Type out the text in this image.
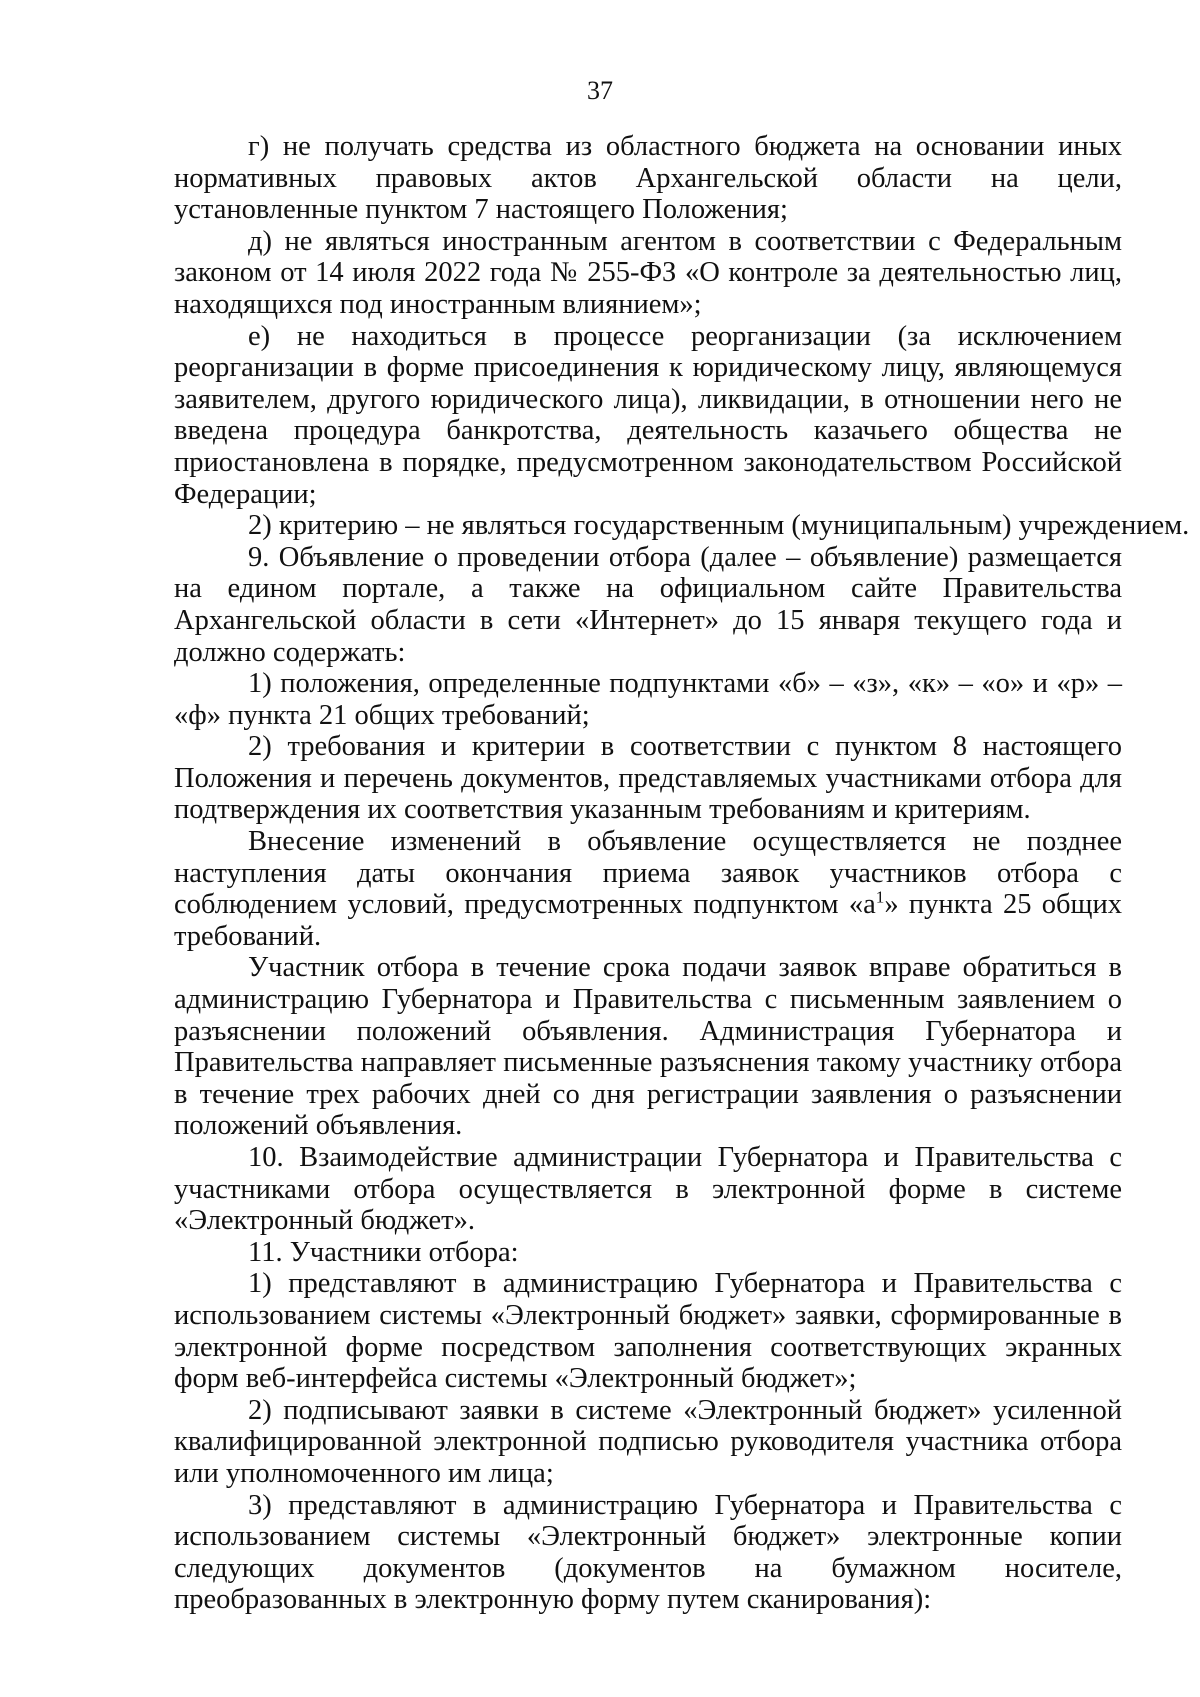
37

г) не получать средства из областного бюджета на основании иных нормативных правовых актов Архангельской области на цели, установленные пунктом 7 настоящего Положения;

д) не являться иностранным агентом в соответствии с Федеральным законом от 14 июля 2022 года № 255-ФЗ «О контроле за деятельностью лиц, находящихся под иностранным влиянием»;

е) не находиться в процессе реорганизации (за исключением реорганизации в форме присоединения к юридическому лицу, являющемуся заявителем, другого юридического лица), ликвидации, в отношении него не введена процедура банкротства, деятельность казачьего общества не приостановлена в порядке, предусмотренном законодательством Российской Федерации;

2) критерию – не являться государственным (муниципальным) учреждением.

9. Объявление о проведении отбора (далее – объявление) размещается на едином портале, а также на официальном сайте Правительства Архангельской области в сети «Интернет» до 15 января текущего года и должно содержать:

1) положения, определенные подпунктами «б» – «з», «к» – «о» и «р» – «ф» пункта 21 общих требований;

2) требования и критерии в соответствии с пунктом 8 настоящего Положения и перечень документов, представляемых участниками отбора для подтверждения их соответствия указанным требованиям и критериям.

Внесение изменений в объявление осуществляется не позднее наступления даты окончания приема заявок участников отбора с соблюдением условий, предусмотренных подпунктом «$а^1$» пункта 25 общих требований.

Участник отбора в течение срока подачи заявок вправе обратиться в администрацию Губернатора и Правительства с письменным заявлением о разъяснении положений объявления. Администрация Губернатора и Правительства направляет письменные разъяснения такому участнику отбора в течение трех рабочих дней со дня регистрации заявления о разъяснении положений объявления.

10. Взаимодействие администрации Губернатора и Правительства с участниками отбора осуществляется в электронной форме в системе «Электронный бюджет».

11. Участники отбора:

1) представляют в администрацию Губернатора и Правительства с использованием системы «Электронный бюджет» заявки, сформированные в электронной форме посредством заполнения соответствующих экранных форм веб-интерфейса системы «Электронный бюджет»;

2) подписывают заявки в системе «Электронный бюджет» усиленной квалифицированной электронной подписью руководителя участника отбора или уполномоченного им лица;

3) представляют в администрацию Губернатора и Правительства с использованием системы «Электронный бюджет» электронные копии следующих документов (документов на бумажном носителе, преобразованных в электронную форму путем сканирования):
